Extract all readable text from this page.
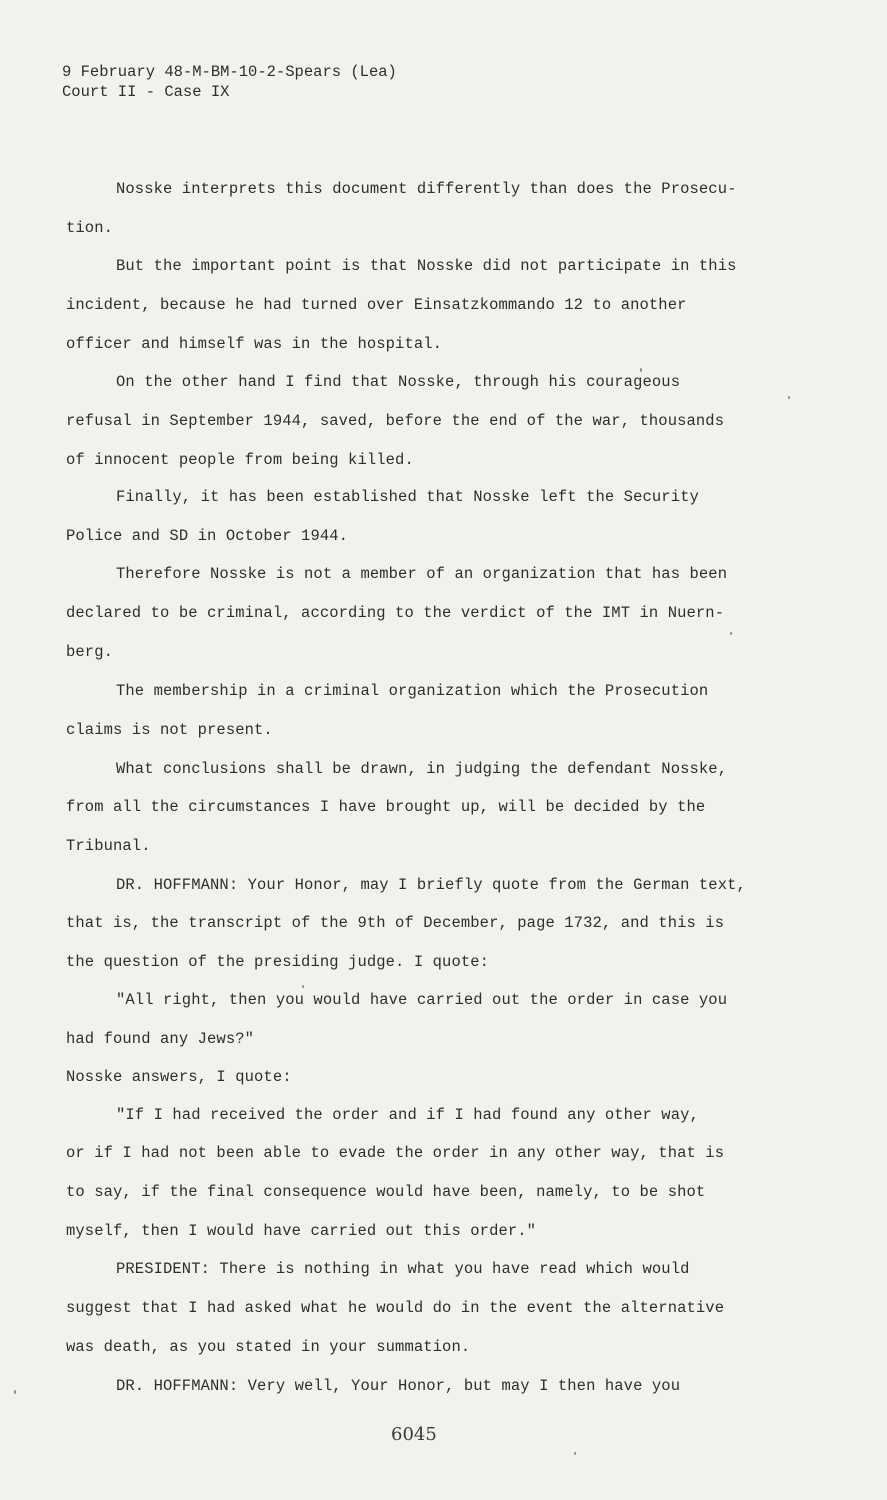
9 February 48-M-BM-10-2-Spears (Lea)
Court II - Case IX
Nosske interprets this document differently than does the Prosecu-
tion.
But the important point is that Nosske did not participate in this
incident, because he had turned over Einsatzkommando 12 to another
officer and himself was in the hospital.
On the other hand I find that Nosske, through his courageous
refusal in September 1944, saved, before the end of the war, thousands
of innocent people from being killed.
Finally, it has been established that Nosske left the Security
Police and SD in October 1944.
Therefore Nosske is not a member of an organization that has been
declared to be criminal, according to the verdict of the IMT in Nuern-
berg.
The membership in a criminal organization which the Prosecution
claims is not present.
What conclusions shall be drawn, in judging the defendant Nosske,
from all the circumstances I have brought up, will be decided by the
Tribunal.
DR. HOFFMANN: Your Honor, may I briefly quote from the German text,
that is, the transcript of the 9th of December, page 1732, and this is
the question of the presiding judge. I quote:
"All right, then you would have carried out the order in case you
had found any Jews?"
Nosske answers, I quote:
"If I had received the order and if I had found any other way,
or if I had not been able to evade the order in any other way, that is
to say, if the final consequence would have been, namely, to be shot
myself, then I would have carried out this order."
PRESIDENT: There is nothing in what you have read which would
suggest that I had asked what he would do in the event the alternative
was death, as you stated in your summation.
DR. HOFFMANN: Very well, Your Honor, but may I then have you
6045
